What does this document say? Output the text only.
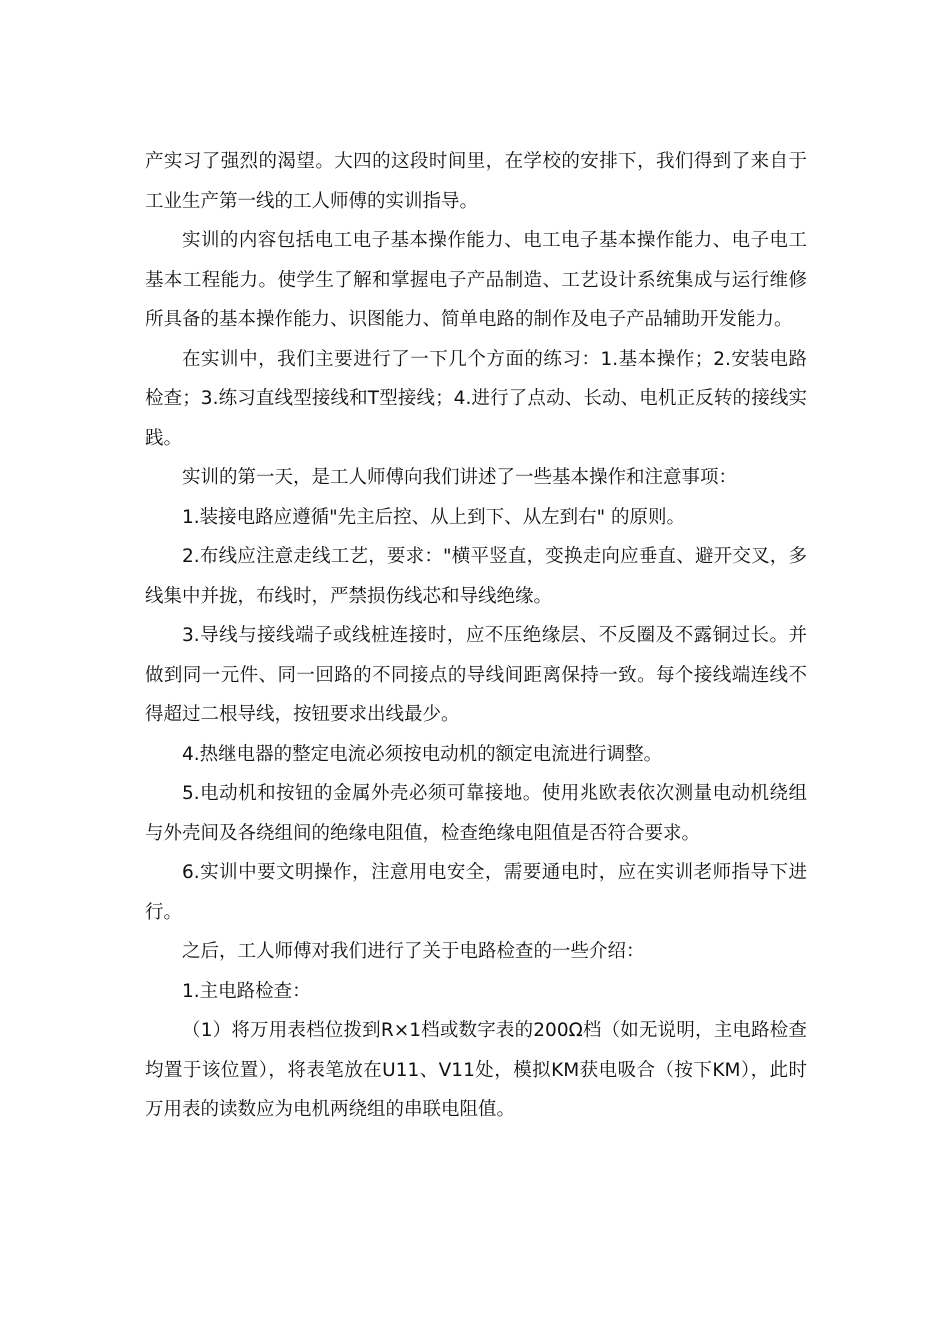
产实习了强烈的渴望。大四的这段时间里，在学校的安排下，我们得到了来自于工业生产第一线的工人师傅的实训指导。

实训的内容包括电工电子基本操作能力、电工电子基本操作能力、电子电工基本工程能力。使学生了解和掌握电子产品制造、工艺设计系统集成与运行维修所具备的基本操作能力、识图能力、简单电路的制作及电子产品辅助开发能力。

在实训中，我们主要进行了一下几个方面的练习：1.基本操作；2.安装电路检查；3.练习直线型接线和T型接线；4.进行了点动、长动、电机正反转的接线实践。

实训的第一天，是工人师傅向我们讲述了一些基本操作和注意事项：

1.装接电路应遵循"先主后控、从上到下、从左到右" 的原则。

2.布线应注意走线工艺，要求："横平竖直，变换走向应垂直、避开交叉，多线集中并拢，布线时，严禁损伤线芯和导线绝缘。

3.导线与接线端子或线桩连接时，应不压绝缘层、不反圈及不露铜过长。并做到同一元件、同一回路的不同接点的导线间距离保持一致。每个接线端连线不得超过二根导线，按钮要求出线最少。

4.热继电器的整定电流必须按电动机的额定电流进行调整。

5.电动机和按钮的金属外壳必须可靠接地。使用兆欧表依次测量电动机绕组与外壳间及各绕组间的绝缘电阻值，检查绝缘电阻值是否符合要求。

6.实训中要文明操作，注意用电安全，需要通电时，应在实训老师指导下进行。

之后，工人师傅对我们进行了关于电路检查的一些介绍：

1.主电路检查：

（1）将万用表档位拨到R×1档或数字表的200Ω档（如无说明，主电路检查均置于该位置），将表笔放在U11、V11处，模拟KM获电吸合（按下KM），此时万用表的读数应为电机两绕组的串联电阻值。
